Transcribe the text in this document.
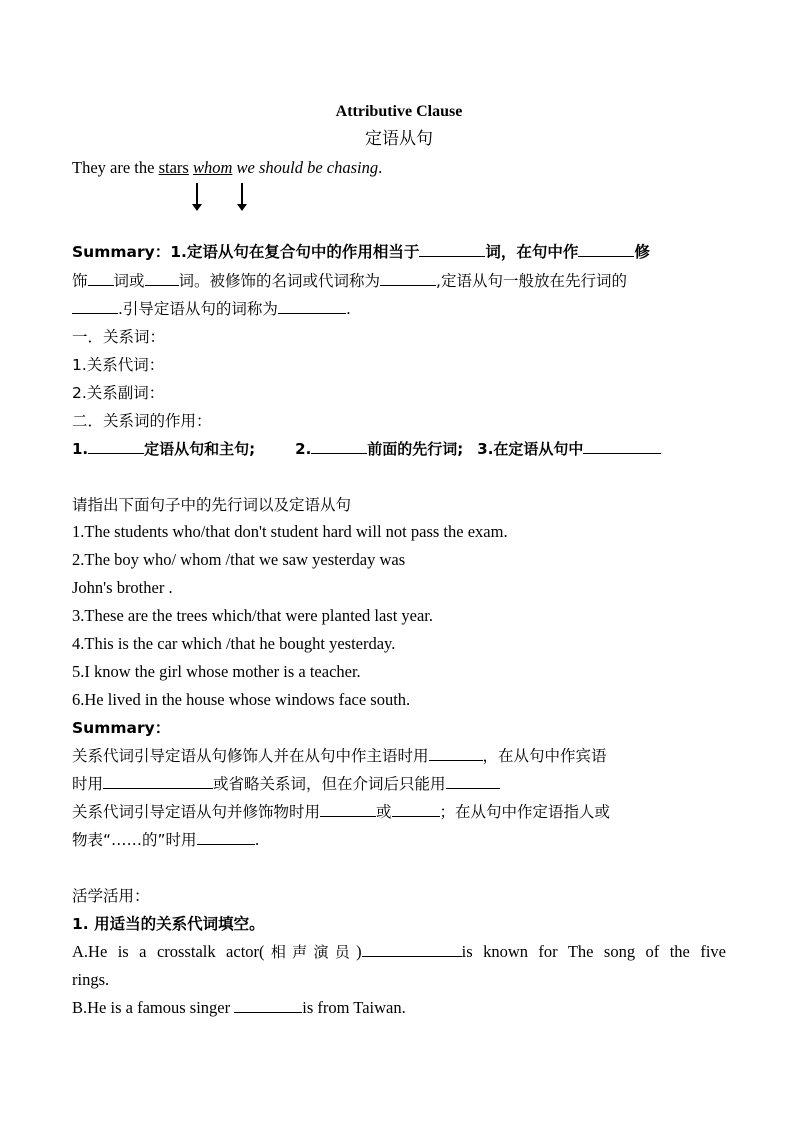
Attributive Clause
定语从句
They are the stars whom we should be chasing.
Summary：1.定语从句在复合句中的作用相当于	词，在句中作	修
饰 词或 词。被修饰的名词或代词称为	,定语从句一般放在先行词的
.引导定语从句的词称为	.
一．关系词：
1.关系代词：
2.关系副词：
二．关系词的作用：
1.	定语从句和主句;	2.	前面的先行词; 3.在定语从句中
请指出下面句子中的先行词以及定语从句
1.The students who/that don't student hard will not pass the exam.
2.The boy who/ whom /that we saw yesterday was
John's brother .
3.These are the trees which/that were planted last year.
4.This is the car which /that he bought yesterday.
5.I know the girl whose mother is a teacher.
6.He lived in the house whose windows face south.
Summary：
关系代词引导定语从句修饰人并在从句中作主语时用	，在从句中作宾语
时用	或省略关系词，但在介词后只能用
关系代词引导定语从句并修饰物时用	或	；在从句中作定语指人或
物表“……的”时用	.
活学活用：
1. 用适当的关系代词填空。
A.He is a crosstalk actor(相声演员)	is known for The song of the five
rings.
B.He is a famous singer	is from Taiwan.
